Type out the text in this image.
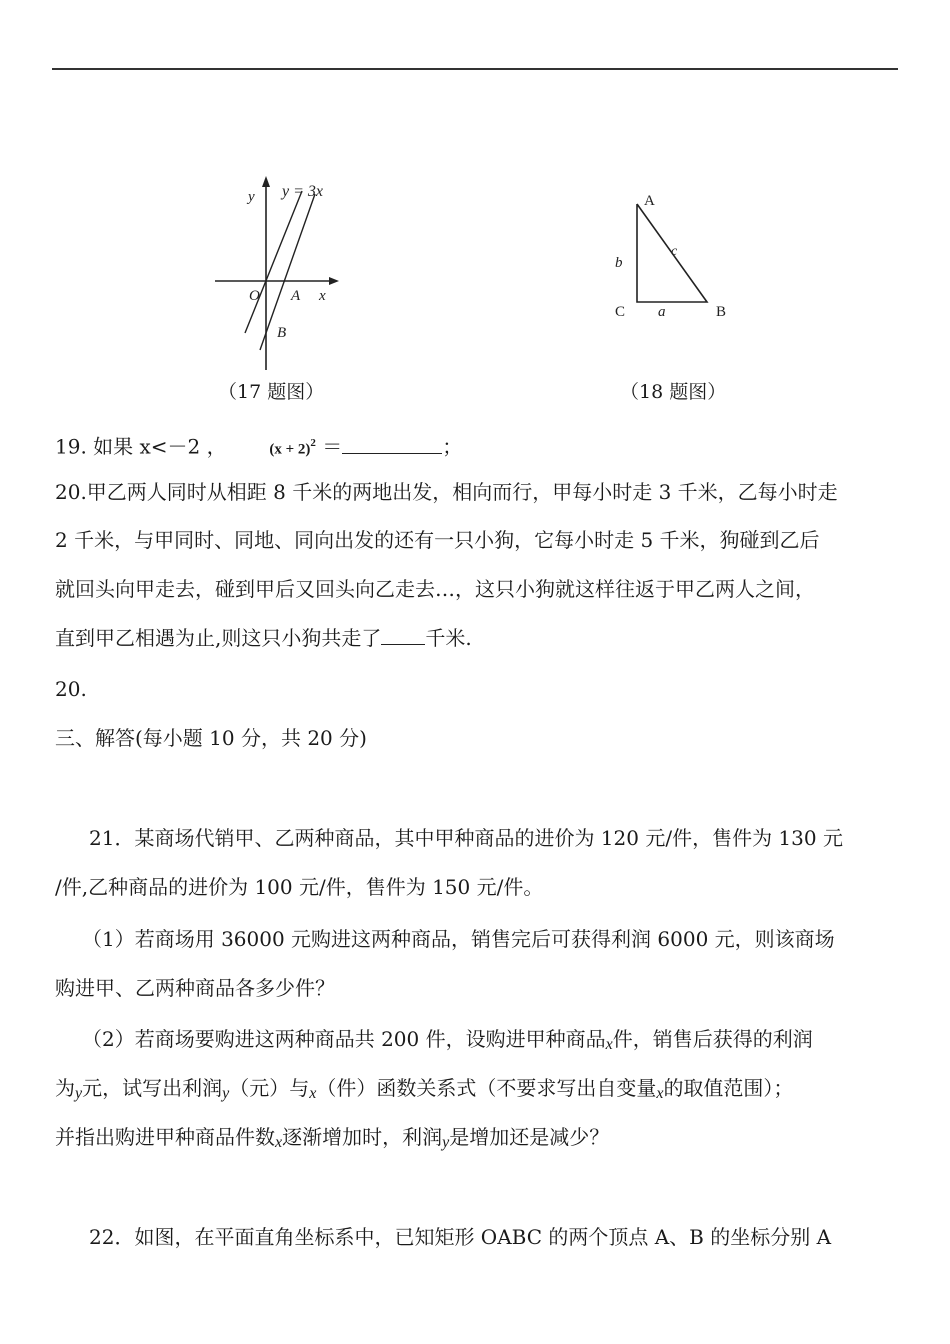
y y = 3x
O A x
B
（17 题图）
A
c
b
C a	B
（18 题图）
19. 如果 x<－2 ，	$(x + 2)^2$ ＝	；
20.甲乙两人同时从相距 8 千米的两地出发，相向而行，甲每小时走 3 千米，乙每小时走
2 千米，与甲同时、同地、同向出发的还有一只小狗，它每小时走 5 千米，狗碰到乙后
就回头向甲走去，碰到甲后又回头向乙走去…，这只小狗就这样往返于甲乙两人之间，
直到甲乙相遇为止,则这只小狗共走了 千米.
20.
三、解答(每小题 10 分，共 20 分)
21．某商场代销甲、乙两种商品，其中甲种商品的进价为 120 元/件，售件为 130 元
/件,乙种商品的进价为 100 元/件，售件为 150 元/件。
（1）若商场用 36000 元购进这两种商品，销售完后可获得利润 6000 元，则该商场
购进甲、乙两种商品各多少件？
（2）若商场要购进这两种商品共 200 件，设购进甲种商品x件，销售后获得的利润
为y元，试写出利润y（元）与x（件）函数关系式（不要求写出自变量x的取值范围）；
并指出购进甲种商品件数x逐渐增加时，利润y是增加还是减少？
22．如图，在平面直角坐标系中，已知矩形 OABC 的两个顶点 A、B 的坐标分别 A
